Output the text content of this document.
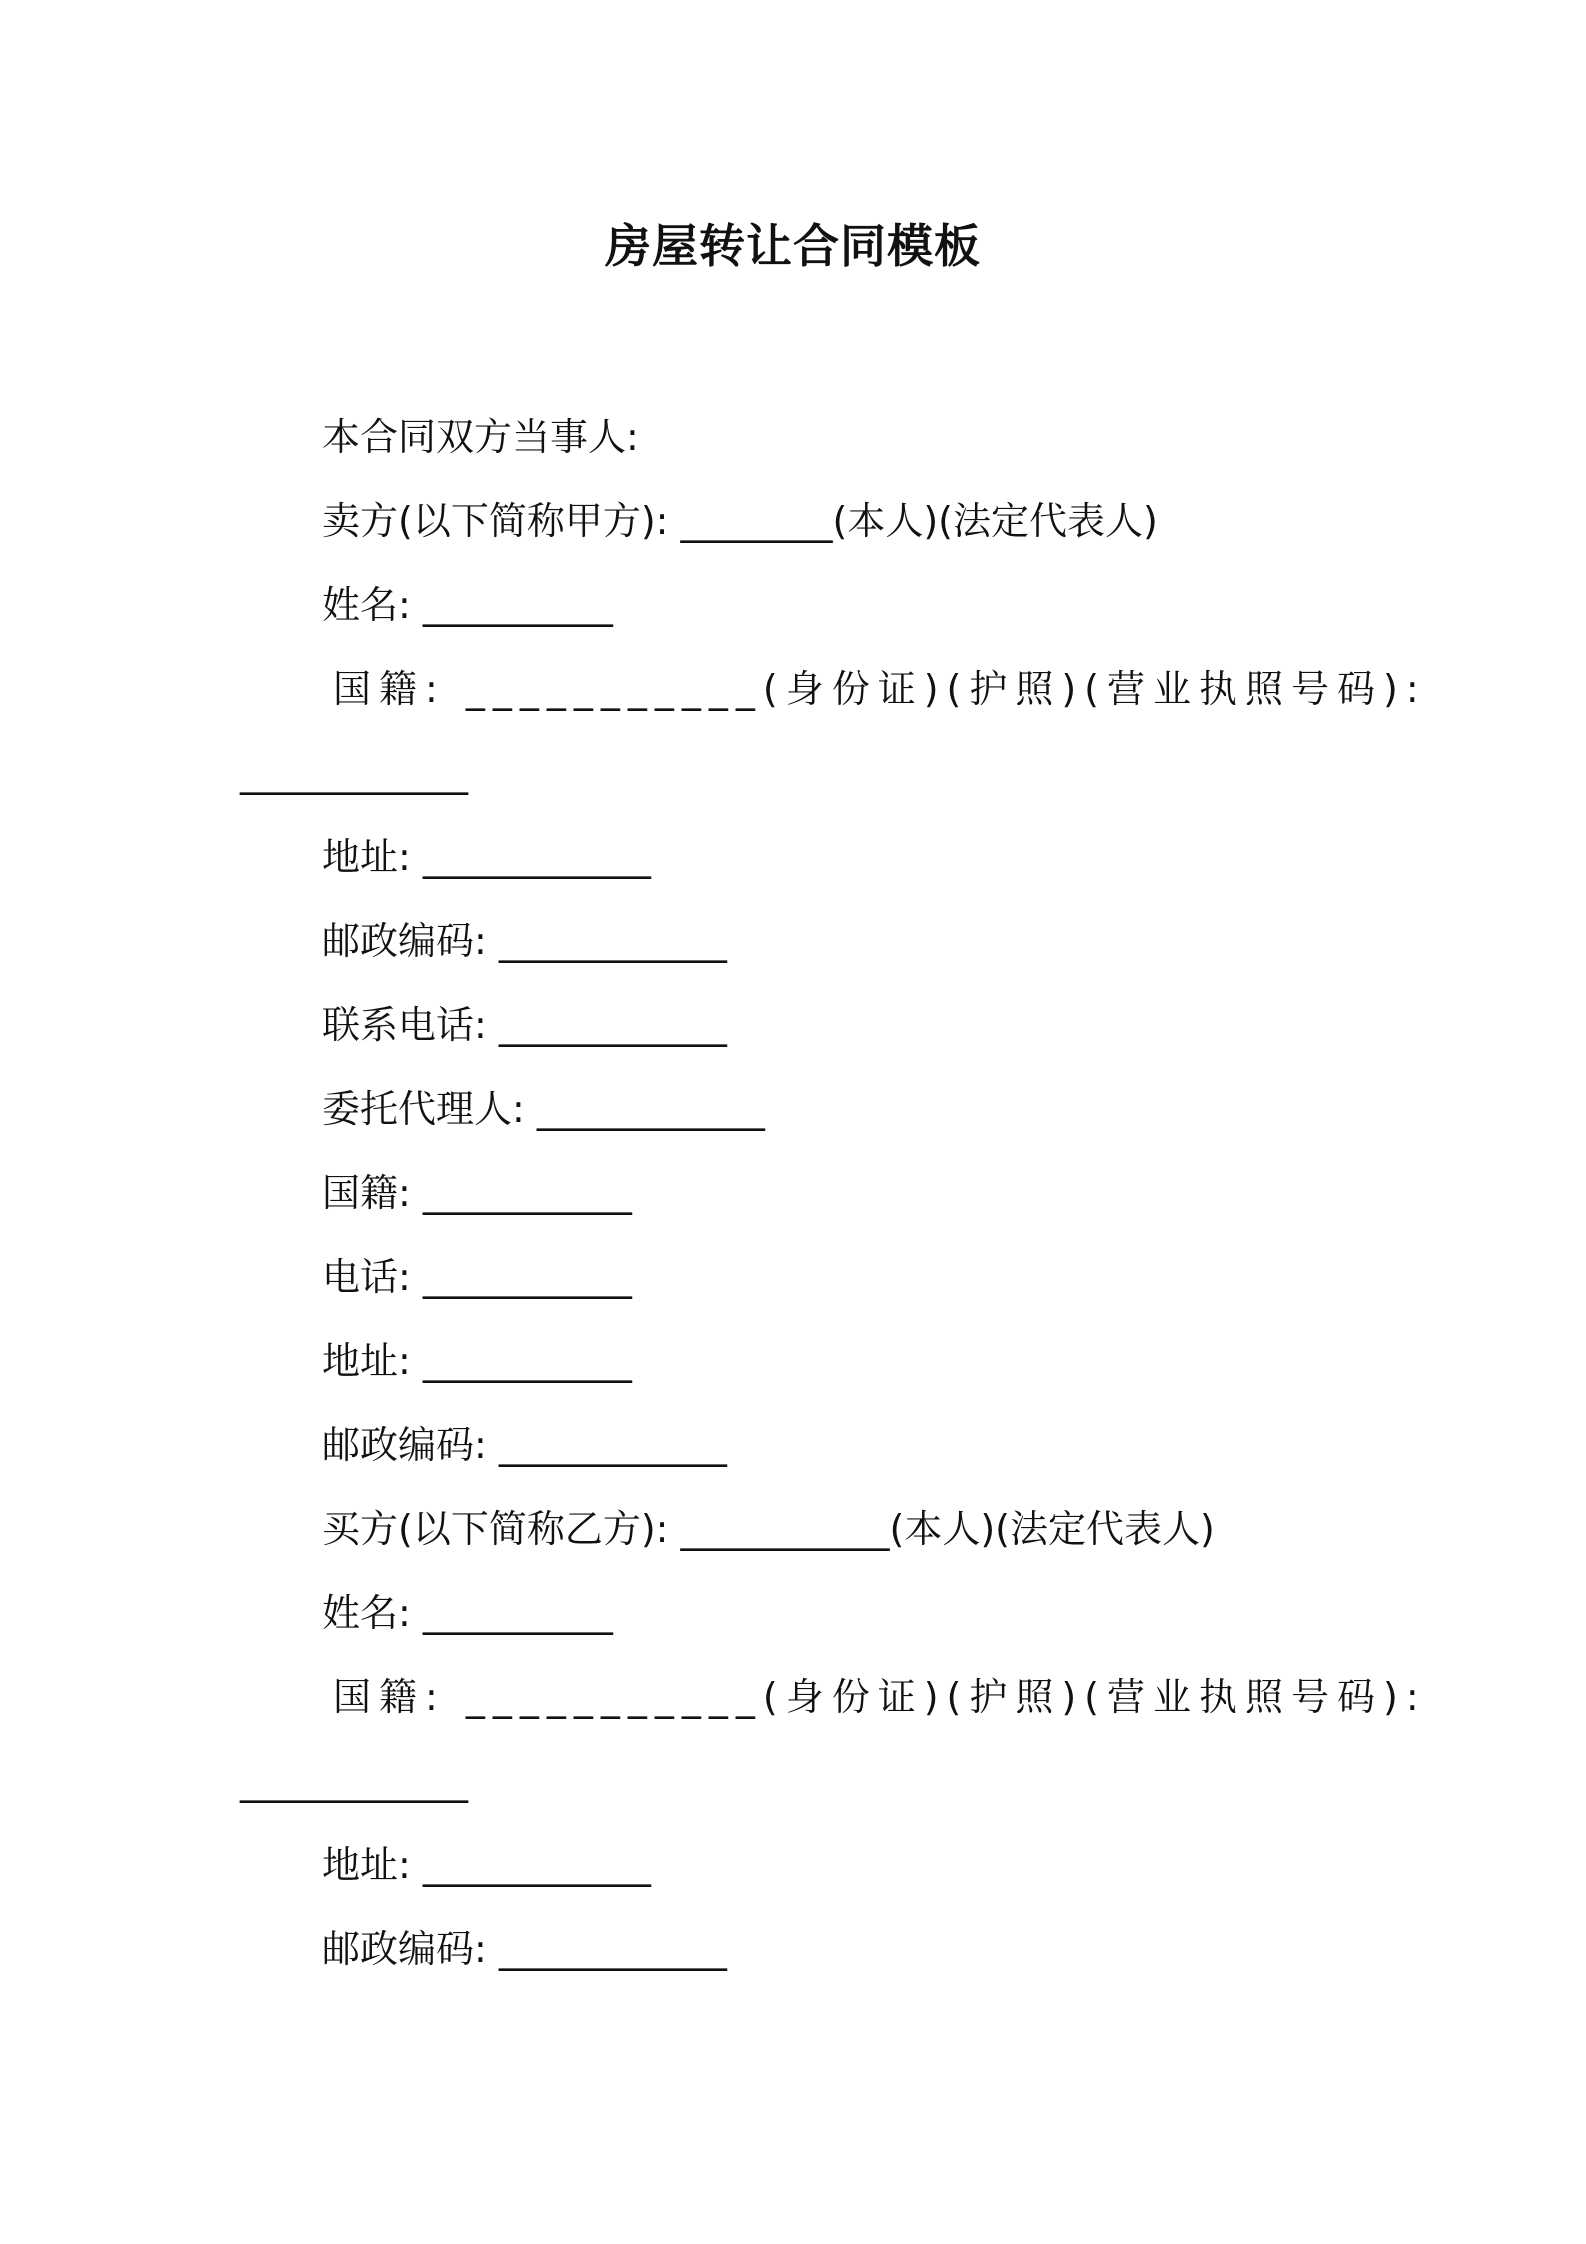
房屋转让合同模板
本合同双方当事人:
卖方(以下简称甲方): ________(本人)(法定代表人)
姓名: __________
国籍: ___________(身份证)(护照)(营业执照号码):
____________
地址: ____________
邮政编码: ____________
联系电话: ____________
委托代理人: ____________
国籍: ___________
电话: ___________
地址: ___________
邮政编码: ____________
买方(以下简称乙方): ___________(本人)(法定代表人)
姓名: __________
国籍: ___________(身份证)(护照)(营业执照号码):
____________
地址: ____________
邮政编码: ____________
